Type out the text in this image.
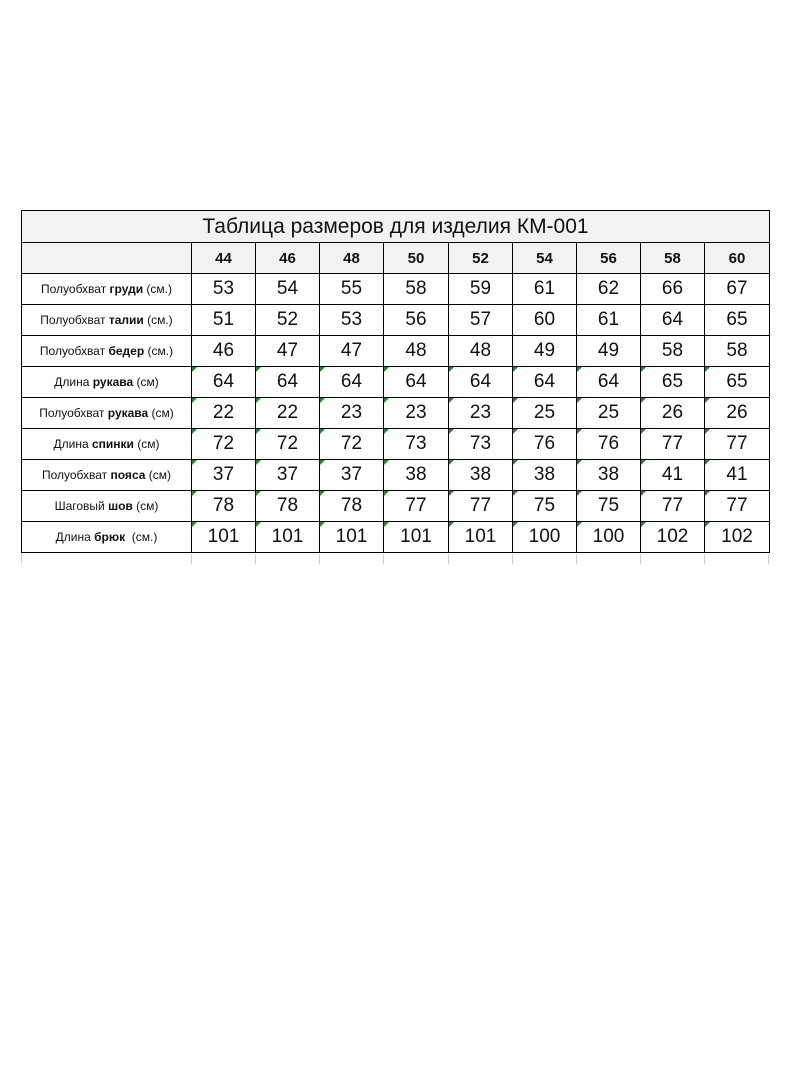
Таблица размеров для изделия КМ-001									
	44	46	48	50	52	54	56	58	60
Полуобхват груди (см.)	53	54	55	58	59	61	62	66	67
Полуобхват талии (см.)	51	52	53	56	57	60	61	64	65
Полуобхват бедер (см.)	46	47	47	48	48	49	49	58	58
Длина рукава (см)	64	64	64	64	64	64	64	65	65
Полуобхват рукава (см)	22	22	23	23	23	25	25	26	26
Длина спинки (см)	72	72	72	73	73	76	76	77	77
Полуобхват пояса (см)	37	37	37	38	38	38	38	41	41
Шаговый шов (см)	78	78	78	77	77	75	75	77	77
Длина брюк  (см.)	101	101	101	101	101	100	100	102	102
